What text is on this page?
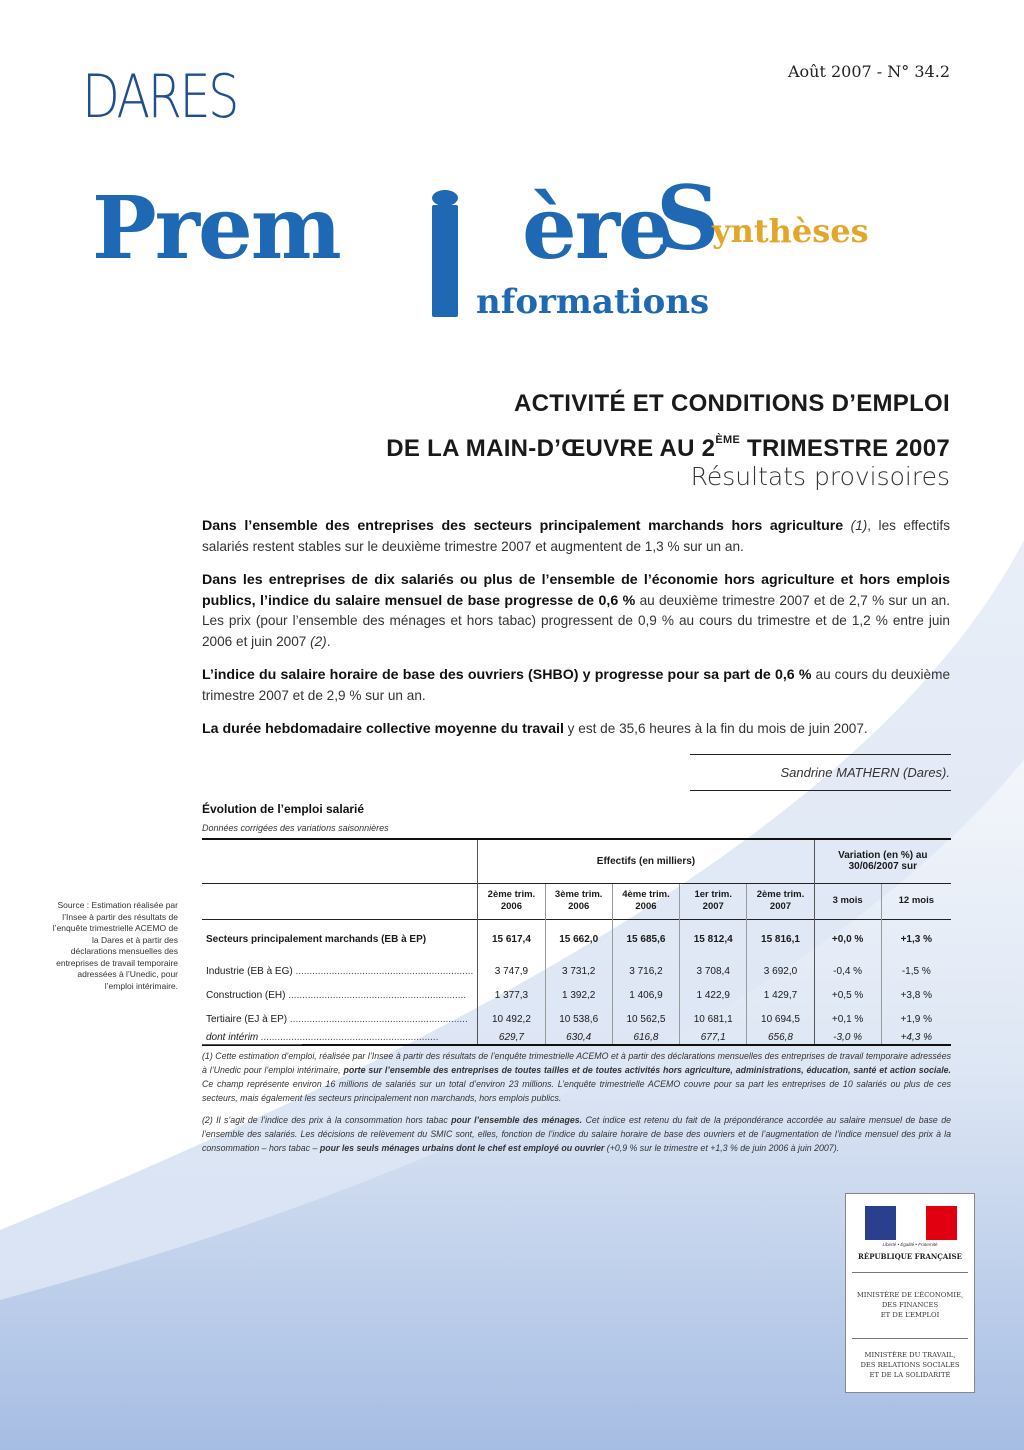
DARES	Août 2007 - N° 34.2
Prem ère
S
ynthèses
nformations
ACTIVITÉ ET CONDITIONS D’EMPLOI
DE LA MAIN-D’ŒUVRE AU 2ÈME TRIMESTRE 2007
Résultats provisoires

Dans l’ensemble des entreprises des secteurs principalement marchands hors agriculture (1), les effectifs salariés restent stables sur le deuxième trimestre 2007 et augmentent de 1,3 % sur un an.

Dans les entreprises de dix salariés ou plus de l’ensemble de l’économie hors agriculture et hors emplois publics, l’indice du salaire mensuel de base progresse de 0,6 % au deuxième trimestre 2007 et de 2,7 % sur un an. Les prix (pour l’ensemble des ménages et hors tabac) progressent de 0,9 % au cours du trimestre et de 1,2 % entre juin 2006 et juin 2007 (2).

L’indice du salaire horaire de base des ouvriers (SHBO) y progresse pour sa part de 0,6 % au cours du deuxième trimestre 2007 et de 2,9 % sur un an.

La durée hebdomadaire collective moyenne du travail y est de 35,6 heures à la fin du mois de juin 2007.

Sandrine MATHERN (Dares).
Évolution de l’emploi salarié
Données corrigées des variations saisonnières
Source : Estimation réalisée par l’Insee à partir des résultats de l’enquête trimestrielle ACEMO de la Dares et à partir des déclarations mensuelles des entreprises de travail temporaire adressées à l’Unedic, pour l’emploi intérimaire.
	Effectifs (en milliers)					Variation (en %) au 30/06/2007 sur	
	2ème trim. 2006	3ème trim. 2006	4ème trim. 2006	1er trim. 2007	2ème trim. 2007	3 mois	12 mois
Secteurs principalement marchands (EB à EP)	15 617,4	15 662,0	15 685,6	15 812,4	15 816,1	+0,0 %	+1,3 %
Industrie (EB à EG) .....	3 747,9	3 731,2	3 716,2	3 708,4	3 692,0	-0,4 %	-1,5 %
Construction (EH) .....	1 377,3	1 392,2	1 406,9	1 422,9	1 429,7	+0,5 %	+3,8 %
Tertiaire (EJ à EP) .....	10 492,2	10 538,6	10 562,5	10 681,1	10 694,5	+0,1 %	+1,9 %
dont intérim .....	629,7	630,4	616,8	677,1	656,8	-3,0 %	+4,3 %

(1) Cette estimation d’emploi, réalisée par l’Insee à partir des résultats de l’enquête trimestrielle ACEMO et à partir des déclarations mensuelles des entreprises de travail temporaire adressées à l’Unedic pour l’emploi intérimaire, porte sur l’ensemble des entreprises de toutes tailles et de toutes activités hors agriculture, administrations, éducation, santé et action sociale. Ce champ représente environ 16 millions de salariés sur un total d’environ 23 millions. L’enquête trimestrielle ACEMO couvre pour sa part les entreprises de 10 salariés ou plus de ces secteurs, mais également les secteurs principalement non marchands, hors emplois publics.

(2) Il s’agit de l’indice des prix à la consommation hors tabac pour l’ensemble des ménages. Cet indice est retenu du fait de la prépondérance accordée au salaire mensuel de base de l’ensemble des salariés. Les décisions de relèvement du SMIC sont, elles, fonction de l’indice du salaire horaire de base des ouvriers et de l’augmentation de l’indice mensuel des prix à la consommation – hors tabac – pour les seuls ménages urbains dont le chef est employé ou ouvrier (+0,9 % sur le trimestre et +1,3 % de juin 2006 à juin 2007).

Liberté • Égalité • Fraternité
RÉPUBLIQUE FRANÇAISE
MINISTÈRE DE L’ÉCONOMIE,
DES FINANCES
ET DE L’EMPLOI
MINISTÈRE DU TRAVAIL,
DES RELATIONS SOCIALES
ET DE LA SOLIDARITÉ
